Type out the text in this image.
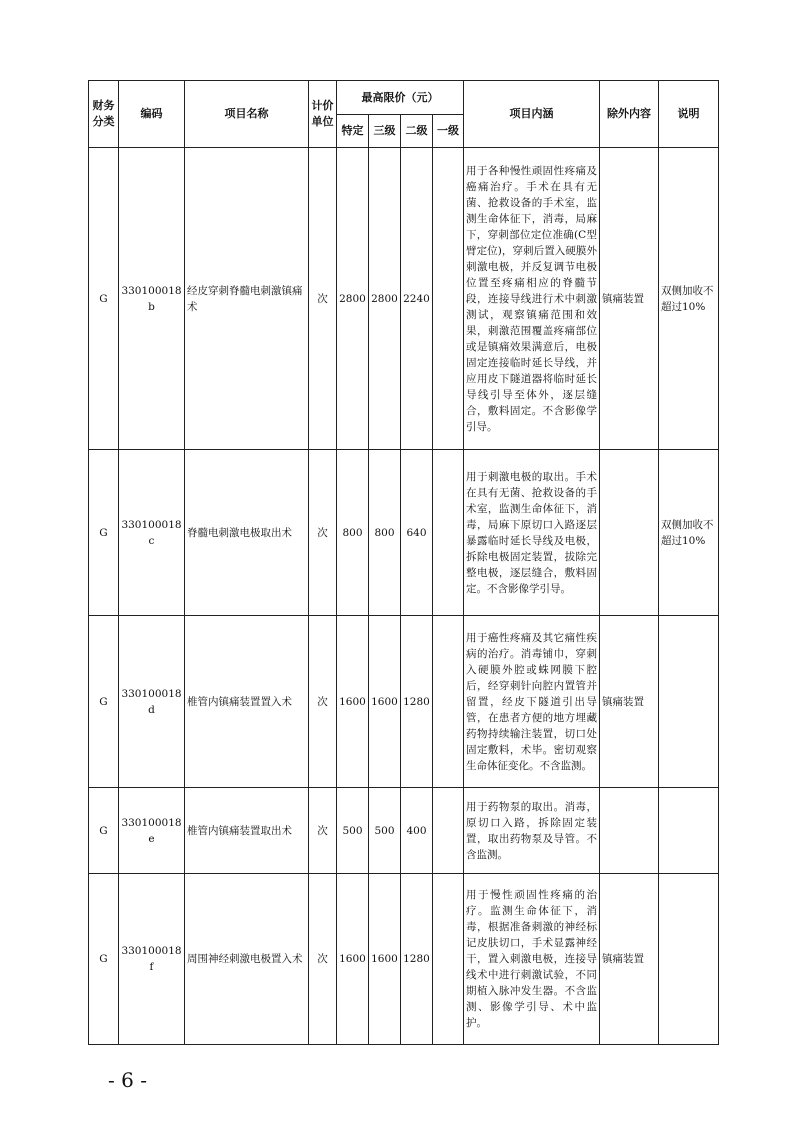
财务分类	编码	项目名称	计价单位	最高限价（元）				项目内涵	除外内容	说明
				特定	三级	二级	一级			
G	330100018b	经皮穿刺脊髓电刺激镇痛术	次	2800	2800	2240		用于各种慢性顽固性疼痛及癌痛治疗。手术在具有无菌、抢救设备的手术室，监测生命体征下，消毒，局麻下，穿刺部位定位准确(C型臂定位)，穿刺后置入硬膜外刺激电极，并反复调节电极位置至疼痛相应的脊髓节段，连接导线进行术中刺激测试，观察镇痛范围和效果，刺激范围覆盖疼痛部位或是镇痛效果满意后，电极固定连接临时延长导线，并应用皮下隧道器将临时延长导线引导至体外，逐层缝合，敷料固定。不含影像学引导。	镇痛装置	双侧加收不超过10%
G	330100018c	脊髓电刺激电极取出术	次	800	800	640		用于刺激电极的取出。手术在具有无菌、抢救设备的手术室，监测生命体征下，消毒，局麻下原切口入路逐层暴露临时延长导线及电极，拆除电极固定装置，拔除完整电极，逐层缝合，敷料固定。不含影像学引导。		双侧加收不超过10%
G	330100018d	椎管内镇痛装置置入术	次	1600	1600	1280		用于癌性疼痛及其它痛性疾病的治疗。消毒铺巾，穿刺入硬膜外腔或蛛网膜下腔后，经穿刺针向腔内置管并留置，经皮下隧道引出导管，在患者方便的地方埋藏药物持续输注装置，切口处固定敷料，术毕。密切观察生命体征变化。不含监测。	镇痛装置	
G	330100018e	椎管内镇痛装置取出术	次	500	500	400		用于药物泵的取出。消毒，原切口入路，拆除固定装置，取出药物泵及导管。不含监测。		
G	330100018f	周围神经刺激电极置入术	次	1600	1600	1280		用于慢性顽固性疼痛的治疗。监测生命体征下，消毒，根据准备刺激的神经标记皮肤切口，手术显露神经干，置入刺激电极，连接导线术中进行刺激试验，不同期植入脉冲发生器。不含监测、影像学引导、术中监护。	镇痛装置	
- 6 -
